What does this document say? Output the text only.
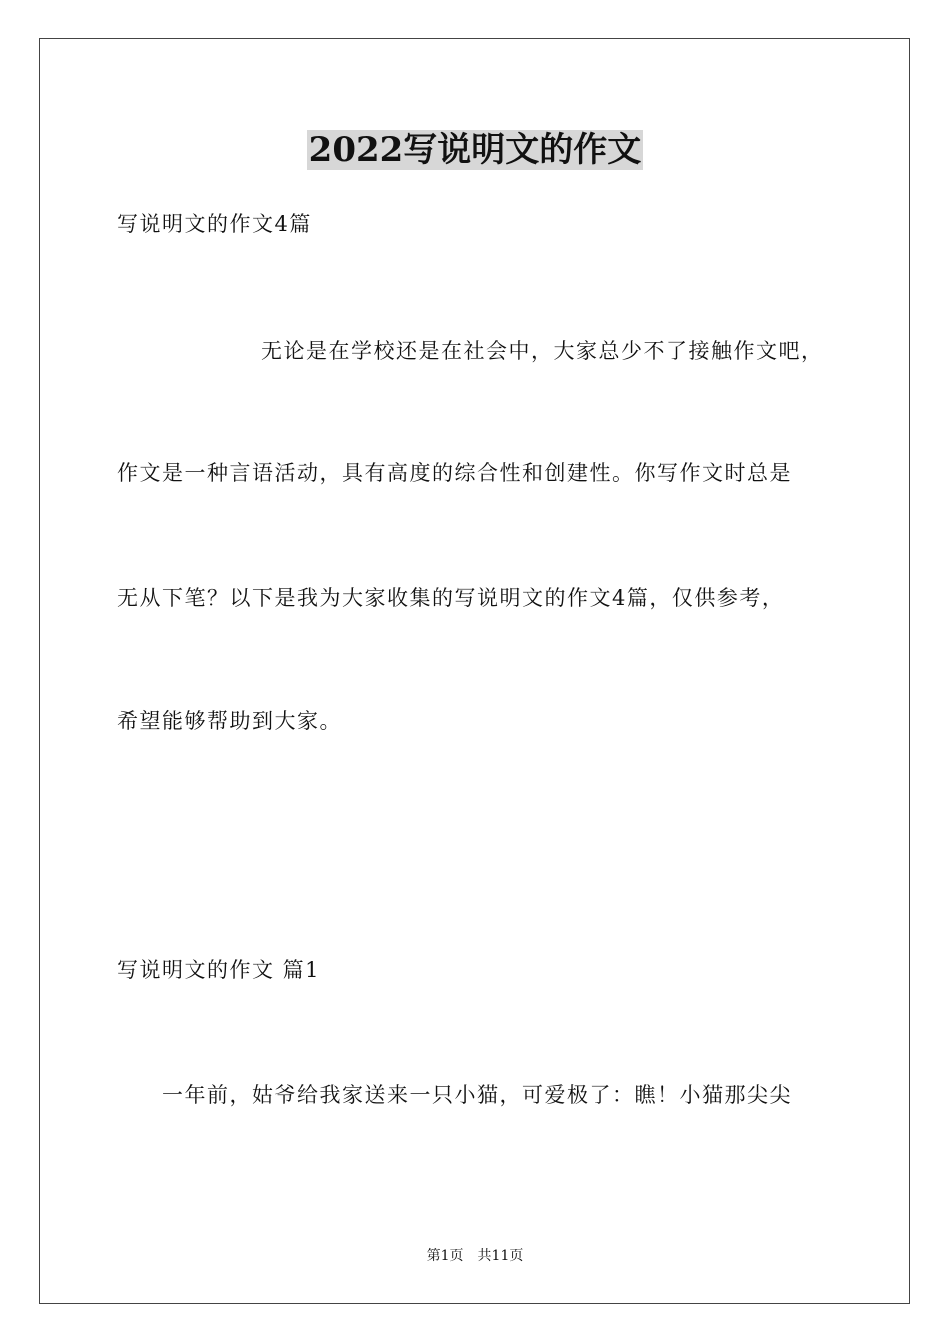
2022写说明文的作文
写说明文的作文4篇
无论是在学校还是在社会中，大家总少不了接触作文吧，
作文是一种言语活动，具有高度的综合性和创建性。你写作文时总是
无从下笔？以下是我为大家收集的写说明文的作文4篇，仅供参考，
希望能够帮助到大家。
写说明文的作文 篇1
一年前，姑爷给我家送来一只小猫，可爱极了：瞧！小猫那尖尖
第1页 共11页
